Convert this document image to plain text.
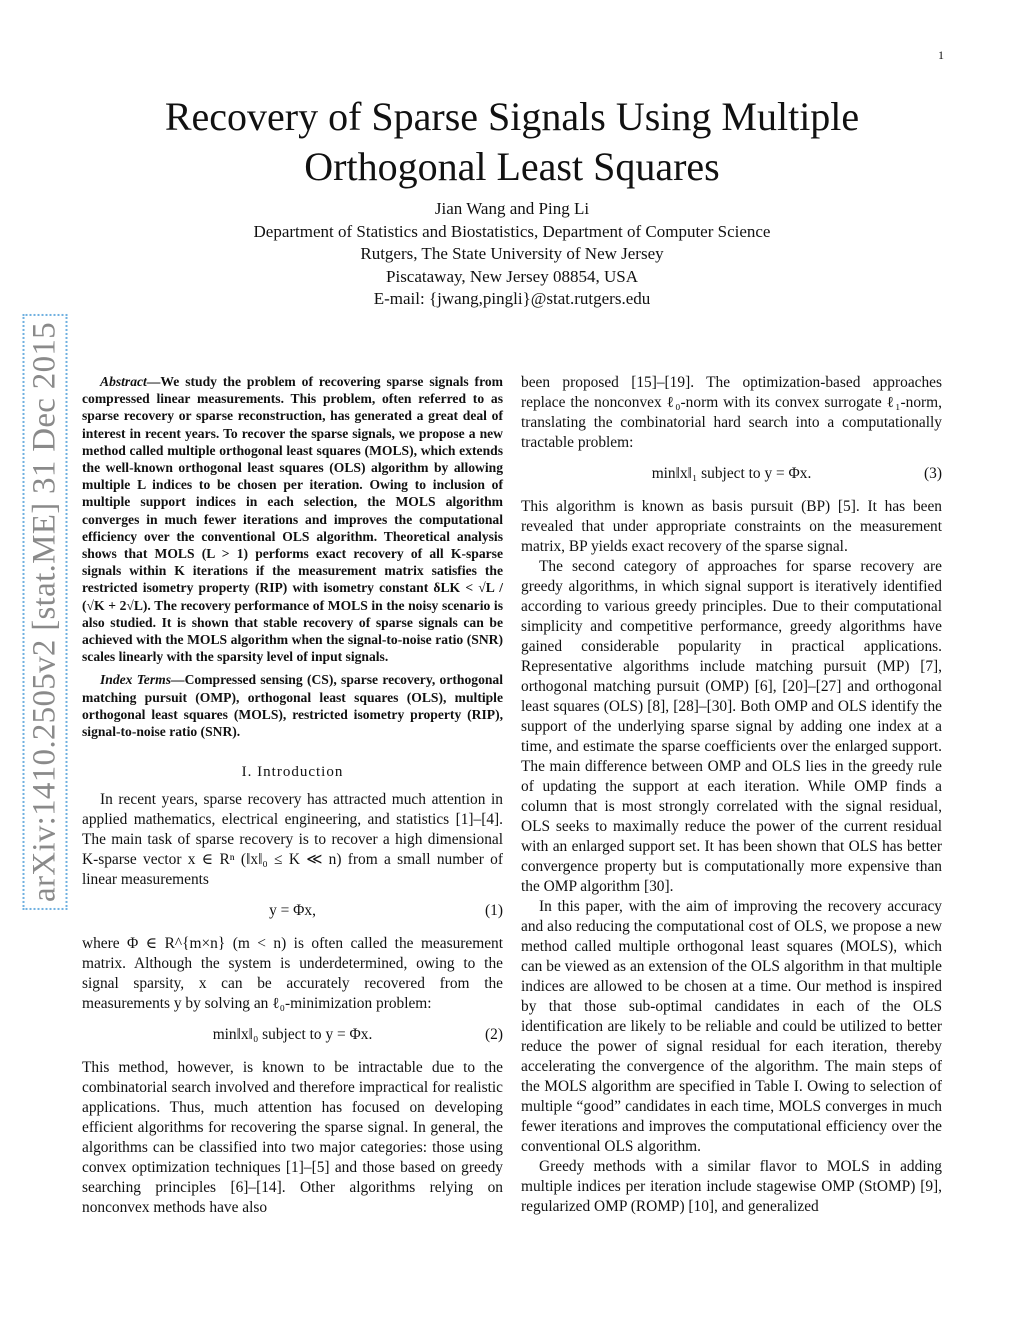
1
arXiv:1410.2505v2 [stat.ME] 31 Dec 2015
Recovery of Sparse Signals Using Multiple
Orthogonal Least Squares
Jian Wang and Ping Li
Department of Statistics and Biostatistics, Department of Computer Science
Rutgers, The State University of New Jersey
Piscataway, New Jersey 08854, USA
E-mail: {jwang,pingli}@stat.rutgers.edu

Abstract—We study the problem of recovering sparse signals from compressed linear measurements. This problem, often referred to as sparse recovery or sparse reconstruction, has generated a great deal of interest in recent years. To recover the sparse signals, we propose a new method called multiple orthogonal least squares (MOLS), which extends the well-known orthogonal least squares (OLS) algorithm by allowing multiple L indices to be chosen per iteration. Owing to inclusion of multiple support indices in each selection, the MOLS algorithm converges in much fewer iterations and improves the computational efficiency over the conventional OLS algorithm. Theoretical analysis shows that MOLS (L > 1) performs exact recovery of all K-sparse signals within K iterations if the measurement matrix satisfies the restricted isometry property (RIP) with isometry constant δLK < √L / (√K + 2√L). The recovery performance of MOLS in the noisy scenario is also studied. It is shown that stable recovery of sparse signals can be achieved with the MOLS algorithm when the signal-to-noise ratio (SNR) scales linearly with the sparsity level of input signals.

Index Terms—Compressed sensing (CS), sparse recovery, orthogonal matching pursuit (OMP), orthogonal least squares (OLS), multiple orthogonal least squares (MOLS), restricted isometry property (RIP), signal-to-noise ratio (SNR).

I. Introduction

In recent years, sparse recovery has attracted much attention in applied mathematics, electrical engineering, and statistics [1]–[4]. The main task of sparse recovery is to recover a high dimensional K-sparse vector x ∈ Rⁿ (‖x‖₀ ≤ K ≪ n) from a small number of linear measurements

y = Φx,	(1)

where Φ ∈ R^{m×n} (m < n) is often called the measurement matrix. Although the system is underdetermined, owing to the signal sparsity, x can be accurately recovered from the measurements y by solving an ℓ₀-minimization problem:

min‖x‖₀ subject to y = Φx.	(2)

This method, however, is known to be intractable due to the combinatorial search involved and therefore impractical for realistic applications. Thus, much attention has focused on developing efficient algorithms for recovering the sparse signal. In general, the algorithms can be classified into two major categories: those using convex optimization techniques [1]–[5] and those based on greedy searching principles [6]–[14]. Other algorithms relying on nonconvex methods have also

been proposed [15]–[19]. The optimization-based approaches replace the nonconvex ℓ₀-norm with its convex surrogate ℓ₁-norm, translating the combinatorial hard search into a computationally tractable problem:

min‖x‖₁ subject to y = Φx.	(3)

This algorithm is known as basis pursuit (BP) [5]. It has been revealed that under appropriate constraints on the measurement matrix, BP yields exact recovery of the sparse signal.

The second category of approaches for sparse recovery are greedy algorithms, in which signal support is iteratively identified according to various greedy principles. Due to their computational simplicity and competitive performance, greedy algorithms have gained considerable popularity in practical applications. Representative algorithms include matching pursuit (MP) [7], orthogonal matching pursuit (OMP) [6], [20]–[27] and orthogonal least squares (OLS) [8], [28]–[30]. Both OMP and OLS identify the support of the underlying sparse signal by adding one index at a time, and estimate the sparse coefficients over the enlarged support. The main difference between OMP and OLS lies in the greedy rule of updating the support at each iteration. While OMP finds a column that is most strongly correlated with the signal residual, OLS seeks to maximally reduce the power of the current residual with an enlarged support set. It has been shown that OLS has better convergence property but is computationally more expensive than the OMP algorithm [30].

In this paper, with the aim of improving the recovery accuracy and also reducing the computational cost of OLS, we propose a new method called multiple orthogonal least squares (MOLS), which can be viewed as an extension of the OLS algorithm in that multiple indices are allowed to be chosen at a time. Our method is inspired by that those sub-optimal candidates in each of the OLS identification are likely to be reliable and could be utilized to better reduce the power of signal residual for each iteration, thereby accelerating the convergence of the algorithm. The main steps of the MOLS algorithm are specified in Table I. Owing to selection of multiple “good” candidates in each time, MOLS converges in much fewer iterations and improves the computational efficiency over the conventional OLS algorithm.

Greedy methods with a similar flavor to MOLS in adding multiple indices per iteration include stagewise OMP (StOMP) [9], regularized OMP (ROMP) [10], and generalized
